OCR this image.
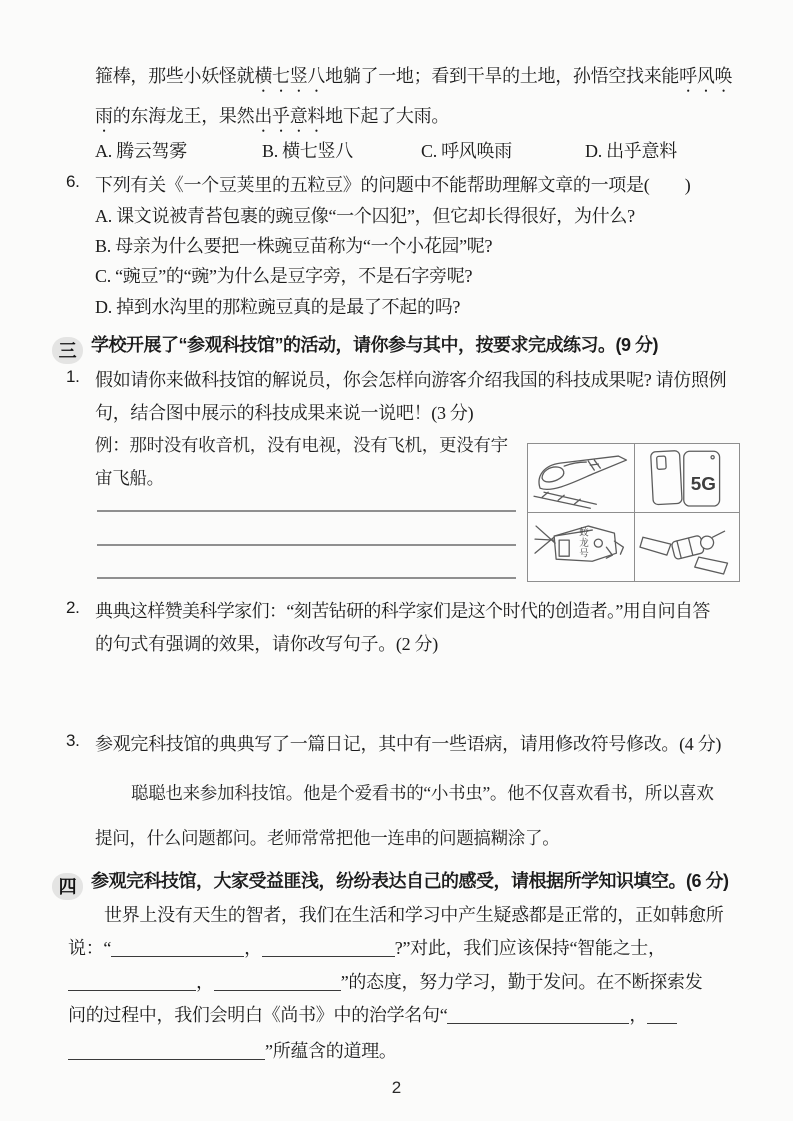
箍棒，那些小妖怪就横七竖八地躺了一地；看到干旱的土地，孙悟空找来能呼风唤
雨的东海龙王，果然出乎意料地下起了大雨。
A. 腾云驾雾	B. 横七竖八	C. 呼风唤雨	D. 出乎意料
6. 下列有关《一个豆荚里的五粒豆》的问题中不能帮助理解文章的一项是(　　)
A. 课文说被青苔包裹的豌豆像“一个囚犯”，但它却长得很好，为什么?
B. 母亲为什么要把一株豌豆苗称为“一个小花园”呢?
C. “豌豆”的“豌”为什么是豆字旁，不是石字旁呢?
D. 掉到水沟里的那粒豌豆真的是最了不起的吗?
三 学校开展了“参观科技馆”的活动，请你参与其中，按要求完成练习。(9 分)
1. 假如请你来做科技馆的解说员，你会怎样向游客介绍我国的科技成果呢? 请仿照例
句，结合图中展示的科技成果来说一说吧！(3 分)
例：那时没有收音机，没有电视，没有飞机，更没有宇
宙飞船。	5G
蛟龙号
2. 典典这样赞美科学家们：“刻苦钻研的科学家们是这个时代的创造者。”用自问自答
的句式有强调的效果，请你改写句子。(2 分)
3. 参观完科技馆的典典写了一篇日记，其中有一些语病，请用修改符号修改。(4 分)
聪聪也来参加科技馆。他是个爱看书的“小书虫”。他不仅喜欢看书，所以喜欢
提问，什么问题都问。老师常常把他一连串的问题搞糊涂了。
四 参观完科技馆，大家受益匪浅，纷纷表达自己的感受，请根据所学知识填空。(6 分)
世界上没有天生的智者，我们在生活和学习中产生疑惑都是正常的，正如韩愈所
说：“	，	?”对此，我们应该保持“智能之士，
，	”的态度，努力学习，勤于发问。在不断探索发
问的过程中，我们会明白《尚书》中的治学名句“	，
”所蕴含的道理。
2
